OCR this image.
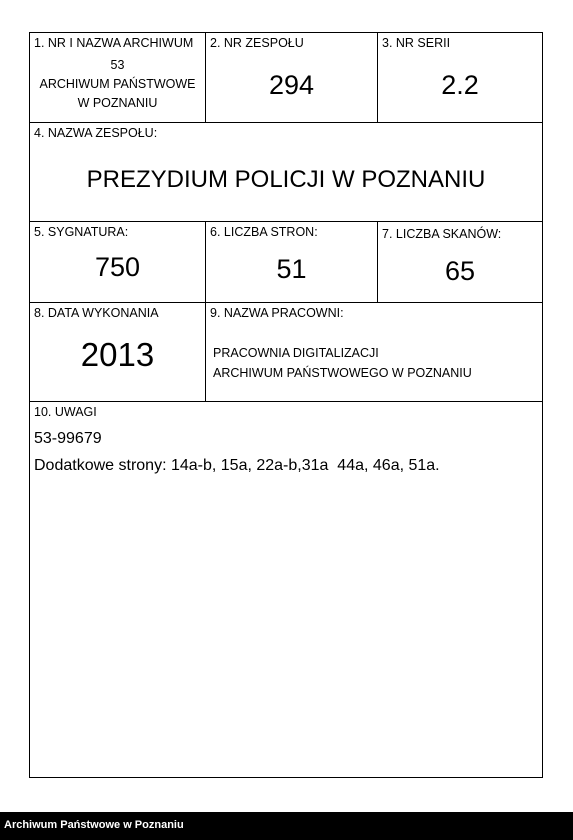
1. NR I NAZWA ARCHIWUM
53
ARCHIWUM PAŃSTWOWE
W POZNANIU
2. NR ZESPOŁU
294
3. NR SERII
2.2
4. NAZWA ZESPOŁU:
PREZYDIUM POLICJI W POZNANIU
5. SYGNATURA:
750
6. LICZBA STRON:
51
7. LICZBA SKANÓW:
65
8. DATA WYKONANIA
2013
9. NAZWA PRACOWNI:
PRACOWNIA DIGITALIZACJI
ARCHIWUM PAŃSTWOWEGO W POZNANIU
10. UWAGI
53-99679
Dodatkowe strony: 14a-b, 15a, 22a-b,31a  44a, 46a, 51a.
Archiwum Państwowe w Poznaniu
